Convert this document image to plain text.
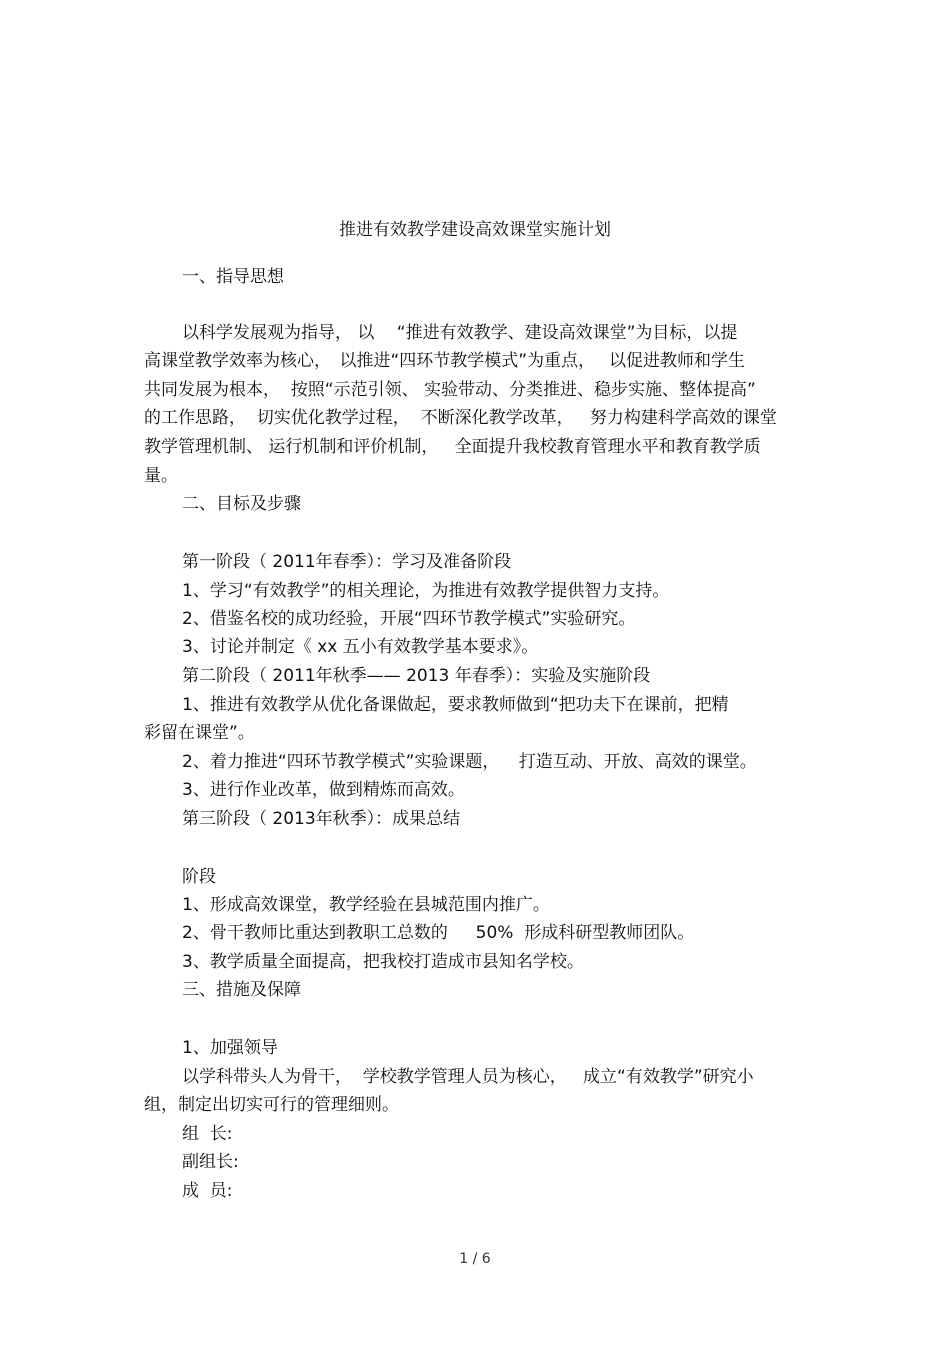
推进有效教学建设高效课堂实施计划

一、指导思想

以科学发展观为指导， 以　 “推进有效教学、建设高效课堂”为目标，以提

高课堂教学效率为核心，　以推进“四环节教学模式”为重点，　 以促进教师和学生

共同发展为根本，  按照“示范引领、 实验带动、分类推进、稳步实施、整体提高”

的工作思路，  切实优化教学过程，  不断深化教学改革，   努力构建科学高效的课堂

教学管理机制、 运行机制和评价机制，   全面提升我校教育管理水平和教育教学质

量。

二、目标及步骤

第一阶段（ 2011年春季）：学习及准备阶段

1、学习“有效教学”的相关理论，为推进有效教学提供智力支持。

2、借鉴名校的成功经验，开展“四环节教学模式”实验研究。

3、讨论并制定《 xx 五小有效教学基本要求》。

第二阶段（ 2011年秋季—— 2013 年春季）：实验及实施阶段

1、推进有效教学从优化备课做起，要求教师做到“把功夫下在课前，把精

彩留在课堂”。

2、着力推进“四环节教学模式”实验课题，　  打造互动、开放、高效的课堂。

3、进行作业改革，做到精炼而高效。

第三阶段（ 2013年秋季）：成果总结

阶段

1、形成高效课堂，教学经验在县城范围内推广。

2、骨干教师比重达到教职工总数的　  50%  形成科研型教师团队。

3、教学质量全面提高，把我校打造成市县知名学校。

三、措施及保障

1、加强领导

以学科带头人为骨干，  学校教学管理人员为核心，   成立“有效教学”研究小

组，制定出切实可行的管理细则。

组  长:

副组长:

成  员:

1 / 6
